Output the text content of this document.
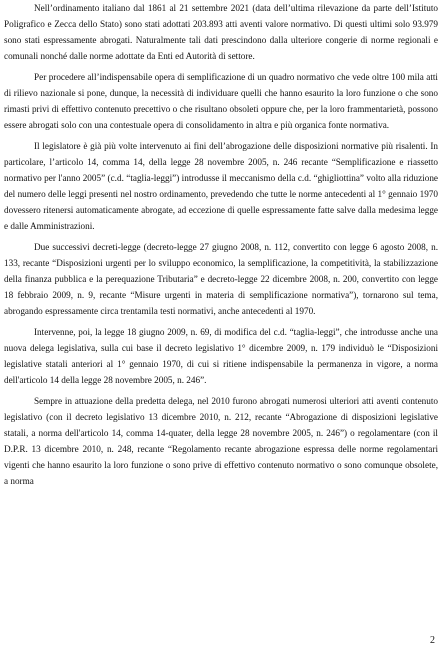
Nell’ordinamento italiano dal 1861 al 21 settembre 2021 (data dell’ultima rilevazione da parte dell’Istituto Poligrafico e Zecca dello Stato) sono stati adottati 203.893 atti aventi valore normativo. Di questi ultimi solo 93.979 sono stati espressamente abrogati. Naturalmente tali dati prescindono dalla ulteriore congerie di norme regionali e comunali nonché dalle norme adottate da Enti ed Autorità di settore.

Per procedere all’indispensabile opera di semplificazione di un quadro normativo che vede oltre 100 mila atti di rilievo nazionale si pone, dunque, la necessità di individuare quelli che hanno esaurito la loro funzione o che sono rimasti privi di effettivo contenuto precettivo o che risultano obsoleti oppure che, per la loro frammentarietà, possono essere abrogati solo con una contestuale opera di consolidamento in altra e più organica fonte normativa.

Il legislatore è già più volte intervenuto ai fini dell’abrogazione delle disposizioni normative più risalenti. In particolare, l’articolo 14, comma 14, della legge 28 novembre 2005, n. 246 recante “Semplificazione e riassetto normativo per l'anno 2005” (c.d. “taglia-leggi”) introdusse il meccanismo della c.d. “ghigliottina” volto alla riduzione del numero delle leggi presenti nel nostro ordinamento, prevedendo che tutte le norme antecedenti al 1° gennaio 1970 dovessero ritenersi automaticamente abrogate, ad eccezione di quelle espressamente fatte salve dalla medesima legge e dalle Amministrazioni.

Due successivi decreti-legge (decreto-legge 27 giugno 2008, n. 112, convertito con legge 6 agosto 2008, n. 133, recante “Disposizioni urgenti per lo sviluppo economico, la semplificazione, la competitività, la stabilizzazione della finanza pubblica e la perequazione Tributaria” e decreto-legge 22 dicembre 2008, n. 200, convertito con legge 18 febbraio 2009, n. 9, recante “Misure urgenti in materia di semplificazione normativa”), tornarono sul tema, abrogando espressamente circa trentamila testi normativi, anche antecedenti al 1970.

Intervenne, poi, la legge 18 giugno 2009, n. 69, di modifica del c.d. “taglia-leggi”, che introdusse anche una nuova delega legislativa, sulla cui base il decreto legislativo 1° dicembre 2009, n. 179 individuò le “Disposizioni legislative statali anteriori al 1° gennaio 1970, di cui si ritiene indispensabile la permanenza in vigore, a norma dell'articolo 14 della legge 28 novembre 2005, n. 246”.

Sempre in attuazione della predetta delega, nel 2010 furono abrogati numerosi ulteriori atti aventi contenuto legislativo (con il decreto legislativo 13 dicembre 2010, n. 212, recante “Abrogazione di disposizioni legislative statali, a norma dell'articolo 14, comma 14-quater, della legge 28 novembre 2005, n. 246”) o regolamentare (con il D.P.R. 13 dicembre 2010, n. 248, recante “Regolamento recante abrogazione espressa delle norme regolamentari vigenti che hanno esaurito la loro funzione o sono prive di effettivo contenuto normativo o sono comunque obsolete, a norma

2
